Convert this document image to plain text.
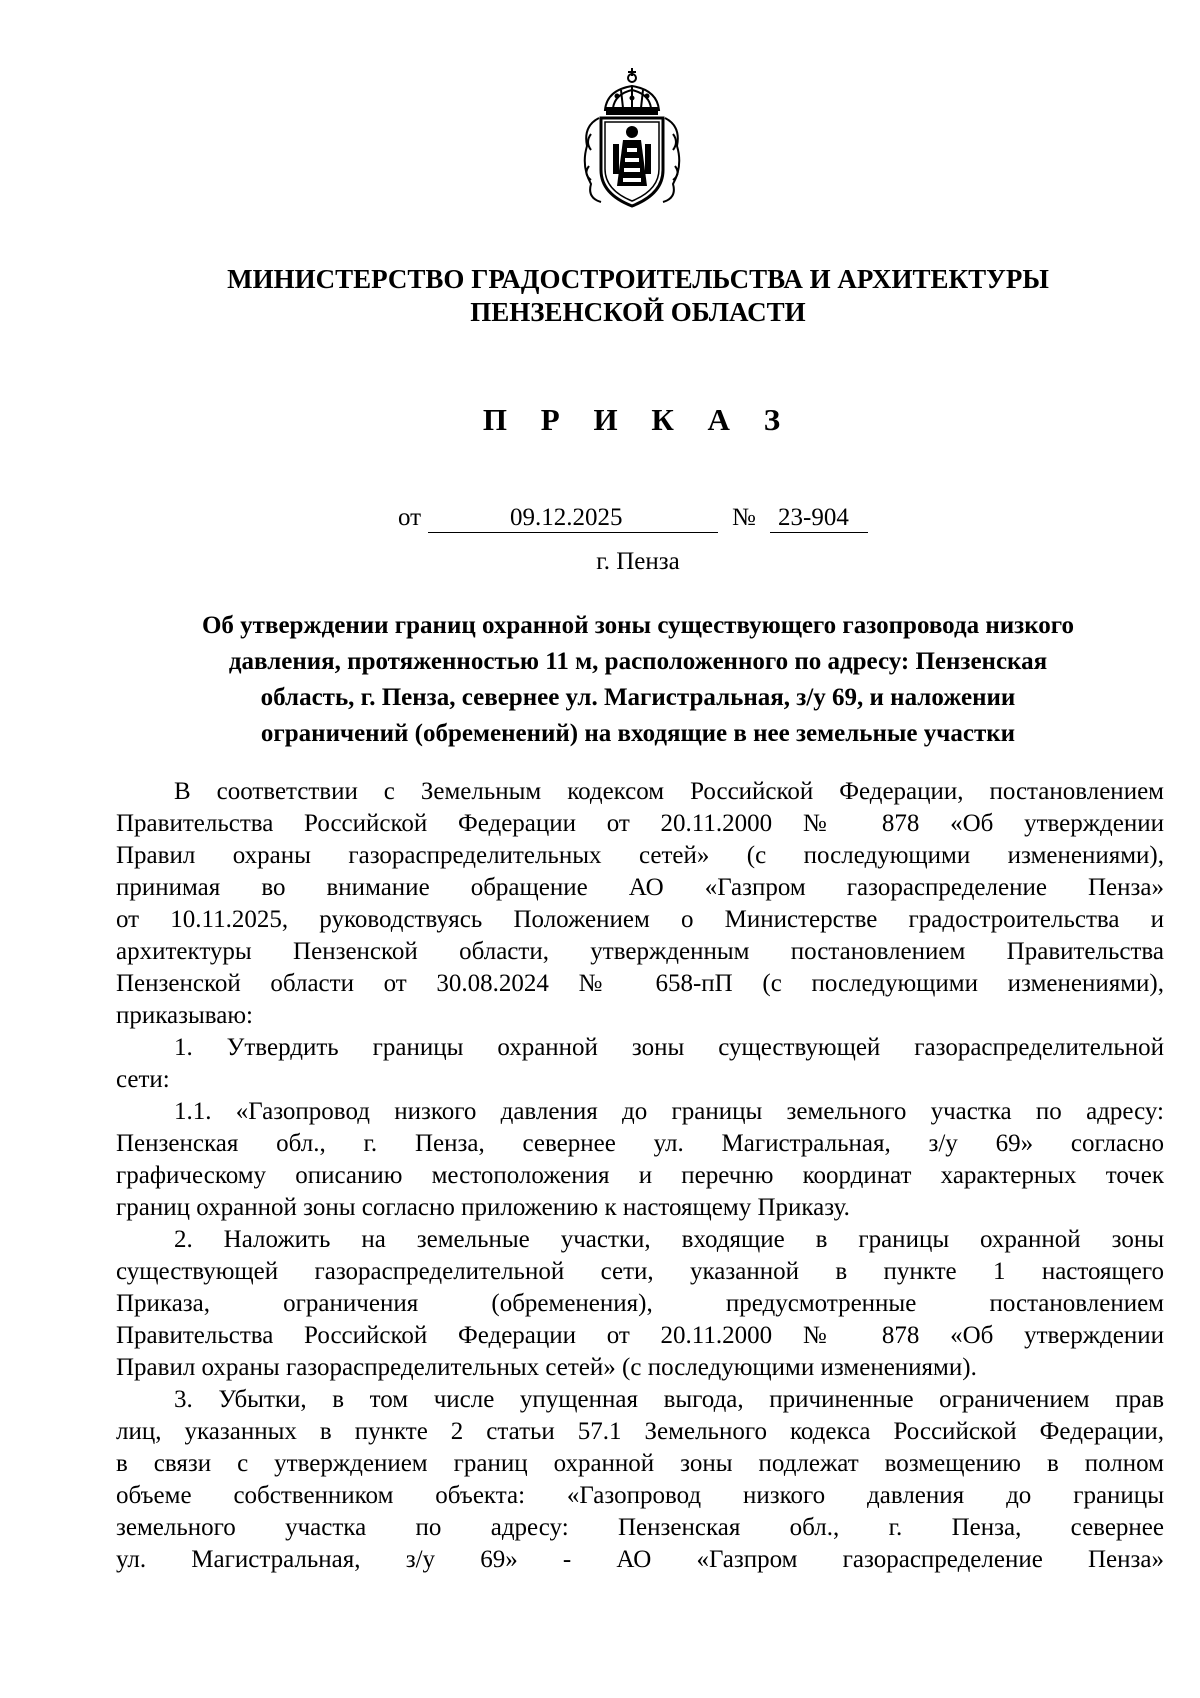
МИНИСТЕРСТВО ГРАДОСТРОИТЕЛЬСТВА И АРХИТЕКТУРЫ
ПЕНЗЕНСКОЙ ОБЛАСТИ
П Р И К А З
от	09.12.2025	№ 23-904
г. Пенза
Об утверждении границ охранной зоны существующего газопровода низкого
давления, протяженностью 11 м, расположенного по адресу: Пензенская
область, г. Пенза, севернее ул. Магистральная, з/у 69, и наложении
ограничений (обременений) на входящие в нее земельные участки
В соответствии с Земельным кодексом Российской Федерации, постановлением
Правительства Российской Федерации от 20.11.2000 № 878 «Об утверждении
Правил охраны газораспределительных сетей» (с последующими изменениями),
принимая во внимание обращение АО «Газпром газораспределение Пенза»
от 10.11.2025, руководствуясь Положением о Министерстве градостроительства и
архитектуры Пензенской области, утвержденным постановлением Правительства
Пензенской области от 30.08.2024 № 658-пП (с последующими изменениями),
приказываю:
1. Утвердить границы охранной зоны существующей газораспределительной
сети:
1.1. «Газопровод низкого давления до границы земельного участка по адресу:
Пензенская обл., г. Пенза, севернее ул. Магистральная, з/у 69» согласно
графическому описанию местоположения и перечню координат характерных точек
границ охранной зоны согласно приложению к настоящему Приказу.
2. Наложить на земельные участки, входящие в границы охранной зоны
существующей газораспределительной сети, указанной в пункте 1 настоящего
Приказа, ограничения (обременения), предусмотренные постановлением
Правительства Российской Федерации от 20.11.2000 № 878 «Об утверждении
Правил охраны газораспределительных сетей» (с последующими изменениями).
3. Убытки, в том числе упущенная выгода, причиненные ограничением прав
лиц, указанных в пункте 2 статьи 57.1 Земельного кодекса Российской Федерации,
в связи с утверждением границ охранной зоны подлежат возмещению в полном
объеме собственником объекта: «Газопровод низкого давления до границы
земельного участка по адресу: Пензенская обл., г. Пенза, севернее
ул. Магистральная, з/у 69» - АО «Газпром газораспределение Пенза»
